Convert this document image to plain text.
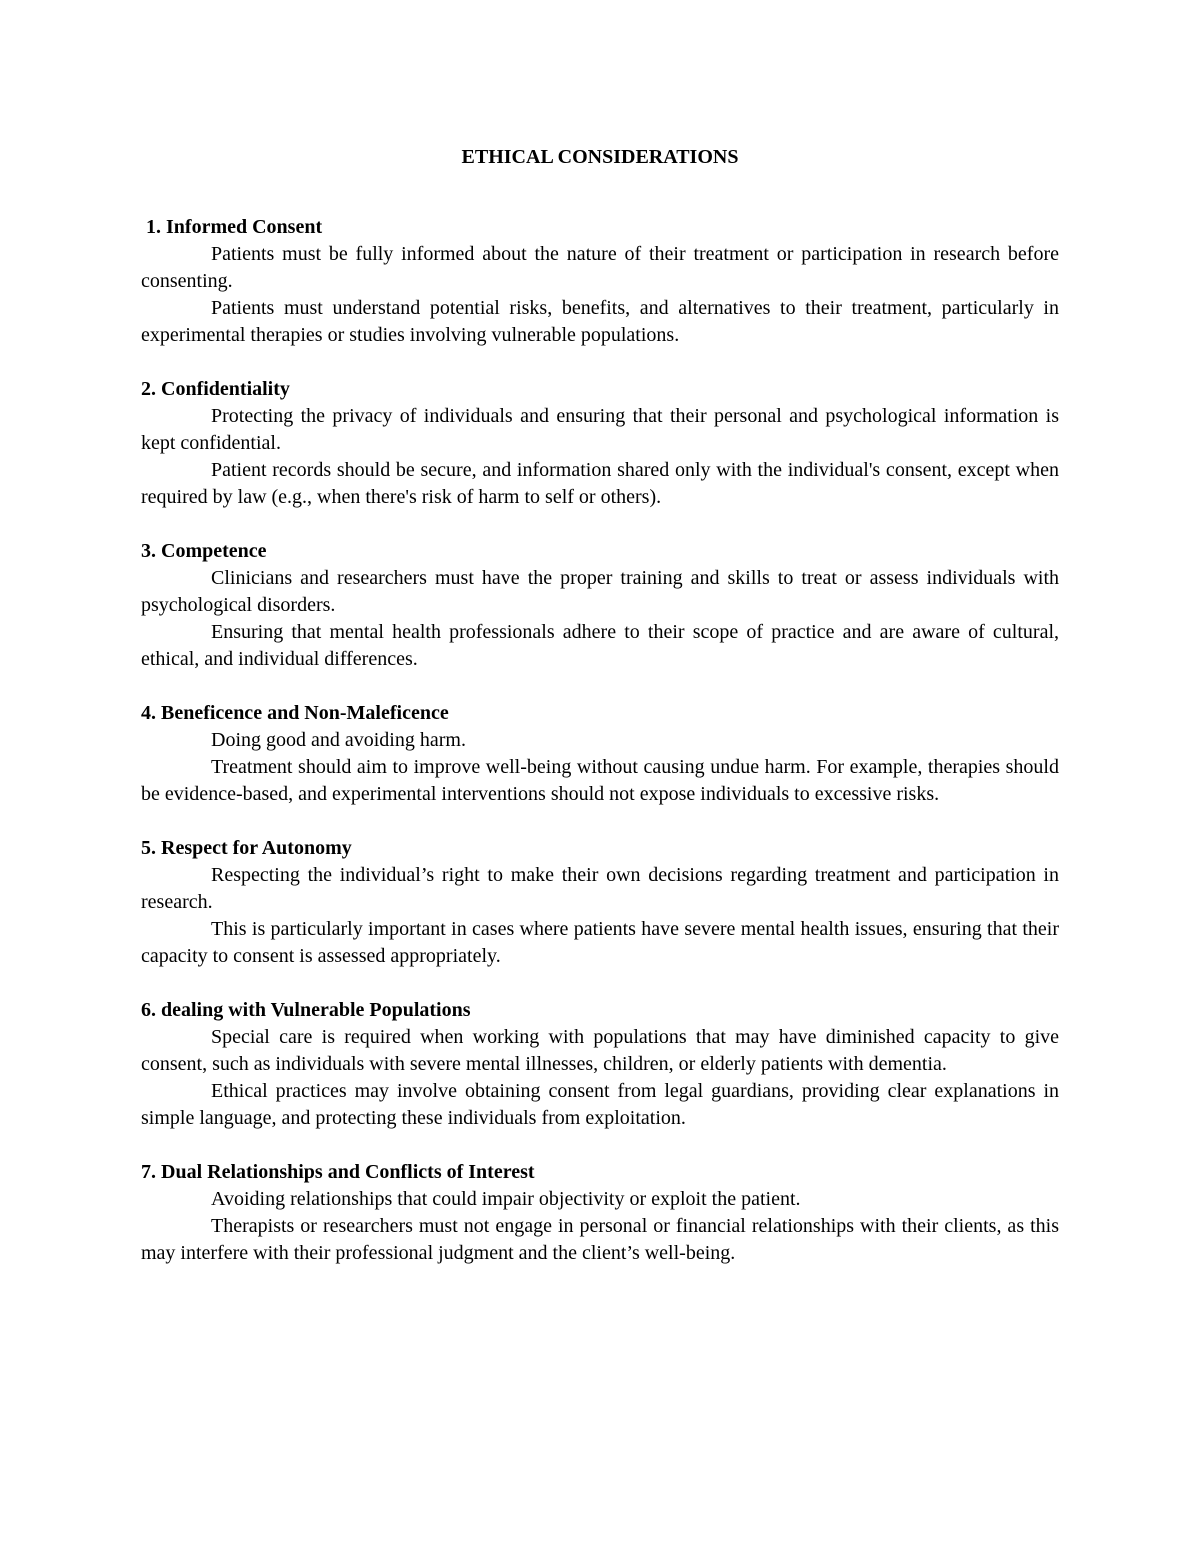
ETHICAL CONSIDERATIONS

1. Informed Consent

Patients must be fully informed about the nature of their treatment or participation in research before consenting.

Patients must understand potential risks, benefits, and alternatives to their treatment, particularly in experimental therapies or studies involving vulnerable populations.

2. Confidentiality

Protecting the privacy of individuals and ensuring that their personal and psychological information is kept confidential.

Patient records should be secure, and information shared only with the individual's consent, except when required by law (e.g., when there's risk of harm to self or others).

3. Competence

Clinicians and researchers must have the proper training and skills to treat or assess individuals with psychological disorders.

Ensuring that mental health professionals adhere to their scope of practice and are aware of cultural, ethical, and individual differences.

4. Beneficence and Non-Maleficence

Doing good and avoiding harm.

Treatment should aim to improve well-being without causing undue harm. For example, therapies should be evidence-based, and experimental interventions should not expose individuals to excessive risks.

5. Respect for Autonomy

Respecting the individual’s right to make their own decisions regarding treatment and participation in research.

This is particularly important in cases where patients have severe mental health issues, ensuring that their capacity to consent is assessed appropriately.

6. dealing with Vulnerable Populations

Special care is required when working with populations that may have diminished capacity to give consent, such as individuals with severe mental illnesses, children, or elderly patients with dementia.

Ethical practices may involve obtaining consent from legal guardians, providing clear explanations in simple language, and protecting these individuals from exploitation.

7. Dual Relationships and Conflicts of Interest

Avoiding relationships that could impair objectivity or exploit the patient.

Therapists or researchers must not engage in personal or financial relationships with their clients, as this may interfere with their professional judgment and the client’s well-being.
